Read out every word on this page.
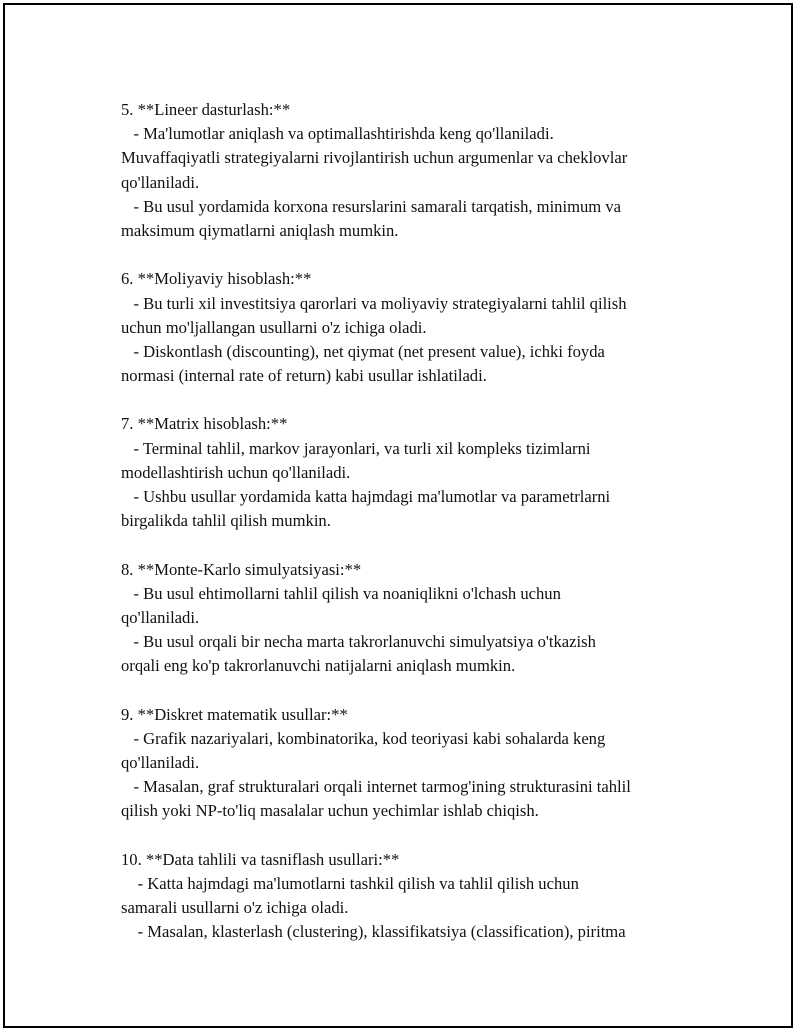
5. **Lineer dasturlash:**
- Ma'lumotlar aniqlash va optimallashtirishda keng qo'llaniladi.
Muvaffaqiyatli strategiyalarni rivojlantirish uchun argumenlar va cheklovlar
qo'llaniladi.
- Bu usul yordamida korxona resurslarini samarali tarqatish, minimum va
maksimum qiymatlarni aniqlash mumkin.
6. **Moliyaviy hisoblash:**
- Bu turli xil investitsiya qarorlari va moliyaviy strategiyalarni tahlil qilish
uchun mo'ljallangan usullarni o'z ichiga oladi.
- Diskontlash (discounting), net qiymat (net present value), ichki foyda
normasi (internal rate of return) kabi usullar ishlatiladi.
7. **Matrix hisoblash:**
- Terminal tahlil, markov jarayonlari, va turli xil kompleks tizimlarni
modellashtirish uchun qo'llaniladi.
- Ushbu usullar yordamida katta hajmdagi ma'lumotlar va parametrlarni
birgalikda tahlil qilish mumkin.
8. **Monte-Karlo simulyatsiyasi:**
- Bu usul ehtimollarni tahlil qilish va noaniqlikni o'lchash uchun
qo'llaniladi.
- Bu usul orqali bir necha marta takrorlanuvchi simulyatsiya o'tkazish
orqali eng ko'p takrorlanuvchi natijalarni aniqlash mumkin.
9. **Diskret matematik usullar:**
- Grafik nazariyalari, kombinatorika, kod teoriyasi kabi sohalarda keng
qo'llaniladi.
- Masalan, graf strukturalari orqali internet tarmog'ining strukturasini tahlil
qilish yoki NP-to'liq masalalar uchun yechimlar ishlab chiqish.
10. **Data tahlili va tasniflash usullari:**
- Katta hajmdagi ma'lumotlarni tashkil qilish va tahlil qilish uchun
samarali usullarni o'z ichiga oladi.
- Masalan, klasterlash (clustering), klassifikatsiya (classification), piritma
